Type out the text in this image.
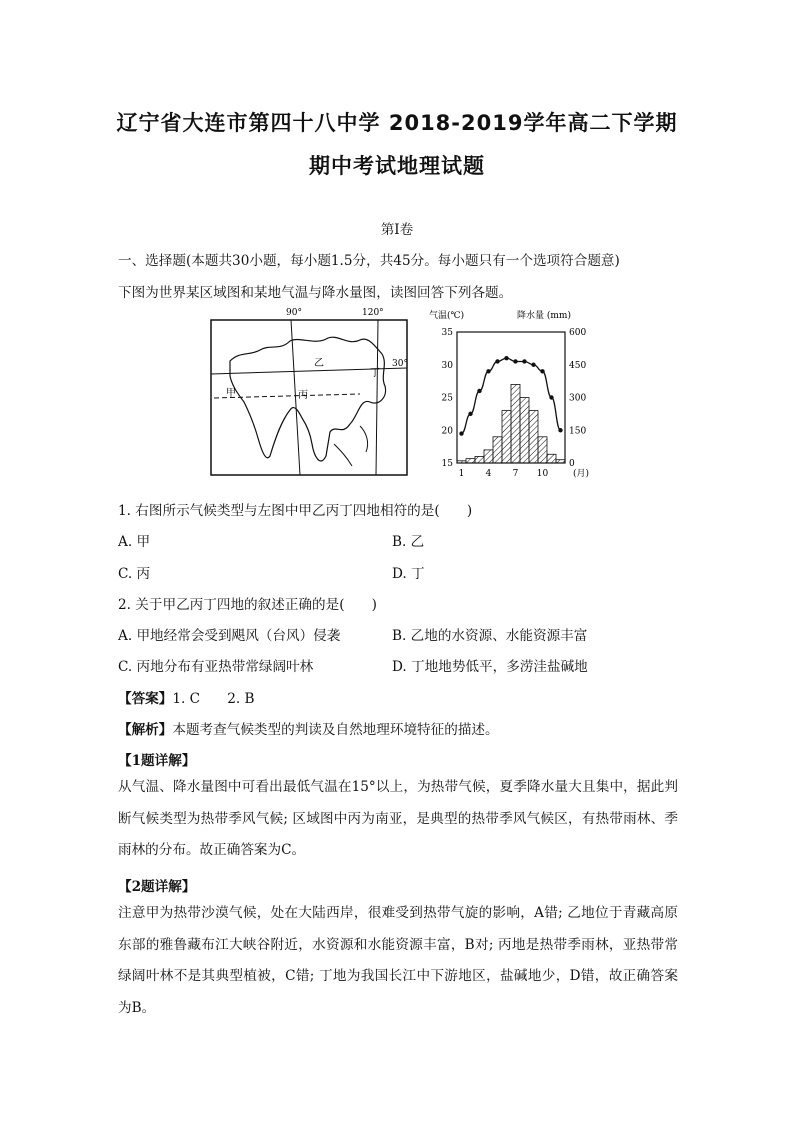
辽宁省大连市第四十八中学 2018-2019学年高二下学期
期中考试地理试题
第Ⅰ卷
一、选择题(本题共30小题，每小题1.5分，共45分。每小题只有一个选项符合题意)
下图为世界某区域图和某地气温与降水量图，读图回答下列各题。
90°	120°
30°
甲
乙
丙
丁
气温(℃)	降水量 (mm)
35
30
25
20
15
600
450
300
150
0
1 4 7 10	(月)
1. 右图所示气候类型与左图中甲乙丙丁四地相符的是(　　)
A. 甲	B. 乙
C. 丙	D. 丁
2. 关于甲乙丙丁四地的叙述正确的是(　　)
A. 甲地经常会受到飓风（台风）侵袭	B. 乙地的水资源、水能资源丰富
C. 丙地分布有亚热带常绿阔叶林	D. 丁地地势低平，多涝洼盐碱地
【答案】1. C　　2. B
【解析】本题考查气候类型的判读及自然地理环境特征的描述。
【1题详解】
从气温、降水量图中可看出最低气温在15°以上，为热带气候，夏季降水量大且集中，据此判断气候类型为热带季风气候; 区域图中丙为南亚，是典型的热带季风气候区，有热带雨林、季雨林的分布。故正确答案为C。
【2题详解】
注意甲为热带沙漠气候，处在大陆西岸，很难受到热带气旋的影响，A错; 乙地位于青藏高原东部的雅鲁藏布江大峡谷附近，水资源和水能资源丰富，B对; 丙地是热带季雨林，亚热带常绿阔叶林不是其典型植被，C错; 丁地为我国长江中下游地区，盐碱地少，D错，故正确答案为B。
